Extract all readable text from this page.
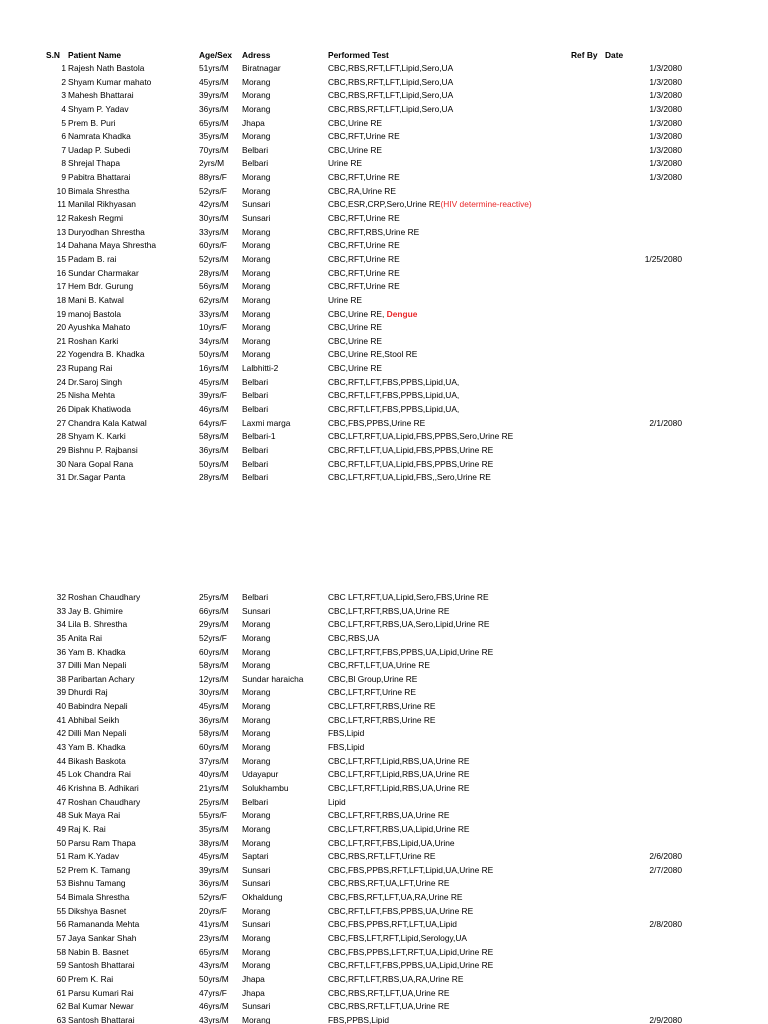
S.N Patient Name	Age/Sex Adress	Performed Test	Ref By Date
1 Rajesh Nath Bastola	51yrs/M Biratnagar	CBC,RBS,RFT,LFT,Lipid,Sero,UA	1/3/2080
2 Shyam Kumar mahato	45yrs/M Morang	CBC,RBS,RFT,LFT,Lipid,Sero,UA	1/3/2080
3 Mahesh Bhattarai	39yrs/M Morang	CBC,RBS,RFT,LFT,Lipid,Sero,UA	1/3/2080
4 Shyam P. Yadav	36yrs/M Morang	CBC,RBS,RFT,LFT,Lipid,Sero,UA	1/3/2080
5 Prem B. Puri	65yrs/M Jhapa	CBC,Urine RE	1/3/2080
6 Namrata Khadka	35yrs/M Morang	CBC,RFT,Urine RE	1/3/2080
7 Uadap P. Subedi	70yrs/M Belbari	CBC,Urine RE	1/3/2080
8 Shrejal Thapa	2yrs/M Belbari	Urine RE	1/3/2080
9 Pabitra Bhattarai	88yrs/F Morang	CBC,RFT,Urine RE	1/3/2080
10 Bimala Shrestha	52yrs/F Morang	CBC,RA,Urine RE
11 Manilal Rikhyasan	42yrs/M Sunsari	CBC,ESR,CRP,Sero,Urine RE(HIV determine-reactive)
12 Rakesh Regmi	30yrs/M Sunsari	CBC,RFT,Urine RE
13 Duryodhan Shrestha	33yrs/M Morang	CBC,RFT,RBS,Urine RE
14 Dahana Maya Shrestha	60yrs/F Morang	CBC,RFT,Urine RE
15 Padam B. rai	52yrs/M Morang	CBC,RFT,Urine RE	1/25/2080
16 Sundar Charmakar	28yrs/M Morang	CBC,RFT,Urine RE
17 Hem Bdr. Gurung	56yrs/M Morang	CBC,RFT,Urine RE
18 Mani B. Katwal	62yrs/M Morang	Urine RE
19 manoj Bastola	33yrs/M Morang	CBC,Urine RE, Dengue
20 Ayushka Mahato	10yrs/F Morang	CBC,Urine RE
21 Roshan Karki	34yrs/M Morang	CBC,Urine RE
22 Yogendra B. Khadka	50yrs/M Morang	CBC,Urine RE,Stool RE
23 Rupang Rai	16yrs/M Lalbhitti-2	CBC,Urine RE
24 Dr.Saroj Singh	45yrs/M Belbari	CBC,RFT,LFT,FBS,PPBS,Lipid,UA,
25 Nisha Mehta	39yrs/F Belbari	CBC,RFT,LFT,FBS,PPBS,Lipid,UA,
26 Dipak Khatiwoda	46yrs/M Belbari	CBC,RFT,LFT,FBS,PPBS,Lipid,UA,
27 Chandra Kala Katwal	64yrs/F Laxmi marga	CBC,FBS,PPBS,Urine RE	2/1/2080
28 Shyam K. Karki	58yrs/M Belbari-1	CBC,LFT,RFT,UA,Lipid,FBS,PPBS,Sero,Urine RE
29 Bishnu P. Rajbansi	36yrs/M Belbari	CBC,RFT,LFT,UA,Lipid,FBS,PPBS,Urine RE
30 Nara Gopal Rana	50yrs/M Belbari	CBC,RFT,LFT,UA,Lipid,FBS,PPBS,Urine RE
31 Dr.Sagar Panta	28yrs/M Belbari	CBC,LFT,RFT,UA,Lipid,FBS,,Sero,Urine RE
32 Roshan Chaudhary	25yrs/M Belbari	CBC LFT,RFT,UA,Lipid,Sero,FBS,Urine RE
33 Jay B. Ghimire	66yrs/M Sunsari	CBC,LFT,RFT,RBS,UA,Urine RE
34 Lila B. Shrestha	29yrs/M Morang	CBC,LFT,RFT,RBS,UA,Sero,Lipid,Urine RE
35 Anita Rai	52yrs/F Morang	CBC,RBS,UA
36 Yam B. Khadka	60yrs/M Morang	CBC,LFT,RFT,FBS,PPBS,UA,Lipid,Urine RE
37 Dilli Man Nepali	58yrs/M Morang	CBC,RFT,LFT,UA,Urine RE
38 Paribartan Achary	12yrs/M Sundar haraicha	CBC,Bl Group,Urine RE
39 Dhurdi Raj	30yrs/M Morang	CBC,LFT,RFT,Urine RE
40 Babindra Nepali	45yrs/M Morang	CBC,LFT,RFT,RBS,Urine RE
41 Abhibal Seikh	36yrs/M Morang	CBC,LFT,RFT,RBS,Urine RE
42 Dilli Man Nepali	58yrs/M Morang	FBS,Lipid
43 Yam B. Khadka	60yrs/M Morang	FBS,Lipid
44 Bikash Baskota	37yrs/M Morang	CBC,LFT,RFT,Lipid,RBS,UA,Urine RE
45 Lok Chandra Rai	40yrs/M Udayapur	CBC,LFT,RFT,Lipid,RBS,UA,Urine RE
46 Krishna B. Adhikari	21yrs/M Solukhambu	CBC,LFT,RFT,Lipid,RBS,UA,Urine RE
47 Roshan Chaudhary	25yrs/M Belbari	Lipid
48 Suk Maya Rai	55yrs/F Morang	CBC,LFT,RFT,RBS,UA,Urine RE
49 Raj K. Rai	35yrs/M Morang	CBC,LFT,RFT,RBS,UA,Lipid,Urine RE
50 Parsu Ram Thapa	38yrs/M Morang	CBC,LFT,RFT,FBS,Lipid,UA,Urine
51 Ram K.Yadav	45yrs/M Saptari	CBC,RBS,RFT,LFT,Urine RE	2/6/2080
52 Prem K. Tamang	39yrs/M Sunsari	CBC,FBS,PPBS,RFT,LFT,Lipid,UA,Urine RE	2/7/2080
53 Bishnu Tamang	36yrs/M Sunsari	CBC,RBS,RFT,UA,LFT,Urine RE
54 Bimala Shrestha	52yrs/F Okhaldung	CBC,FBS,RFT,LFT,UA,RA,Urine RE
55 Dikshya Basnet	20yrs/F Morang	CBC,RFT,LFT,FBS,PPBS,UA,Urine RE
56 Ramananda Mehta	41yrs/M Sunsari	CBC,FBS,PPBS,RFT,LFT,UA,Lipid	2/8/2080
57 Jaya Sankar Shah	23yrs/M Morang	CBC,FBS,LFT,RFT,Lipid,Serology,UA
58 Nabin B. Basnet	65yrs/M Morang	CBC,FBS,PPBS,LFT,RFT,UA,Lipid,Urine RE
59 Santosh Bhattarai	43yrs/M Morang	CBC,RFT,LFT,FBS,PPBS,UA,Lipid,Urine RE
60 Prem K. Rai	50yrs/M Jhapa	CBC,RFT,LFT,RBS,UA,RA,Urine RE
61 Parsu Kumari Rai	47yrs/F Jhapa	CBC,RBS,RFT,LFT,UA,Urine RE
62 Bal Kumar Newar	46yrs/M Sunsari	CBC,RBS,RFT,LFT,UA,Urine RE
63 Santosh Bhattarai	43yrs/M Morang	FBS,PPBS,Lipid	2/9/2080
